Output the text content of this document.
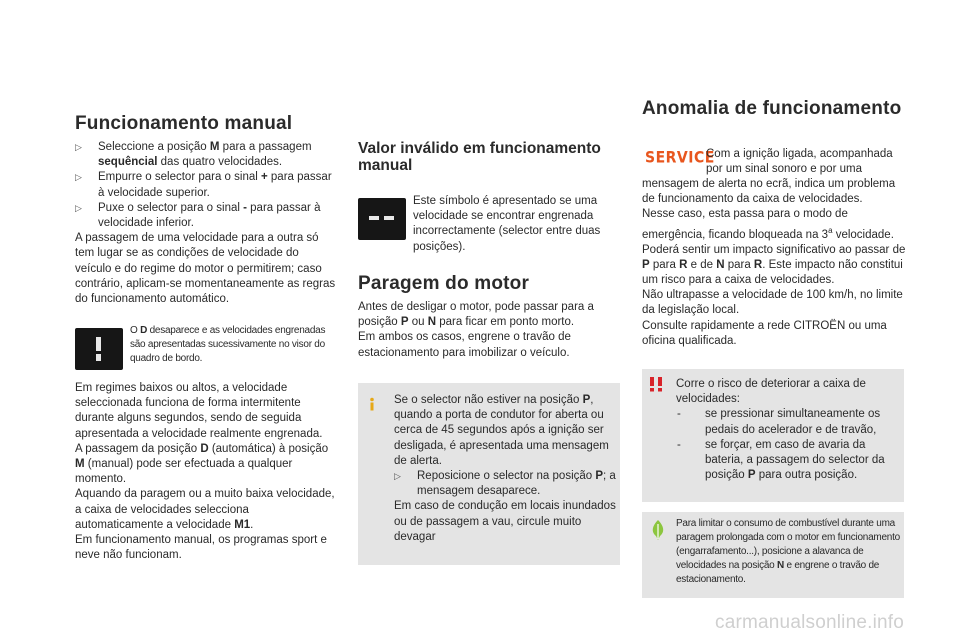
Funcionamento manual
▷ Seleccione a posição M para a passagem sequêncial das quatro velocidades.
▷ Empurre o selector para o sinal + para passar à velocidade superior.
▷ Puxe o selector para o sinal - para passar à velocidade inferior.
A passagem de uma velocidade para a outra só tem lugar se as condições de velocidade do veículo e do regime do motor o permitirem; caso contrário, aplicam-se momentaneamente as regras do funcionamento automático.
O D desaparece e as velocidades engrenadas são apresentadas sucessivamente no visor do quadro de bordo.
Em regimes baixos ou altos, a velocidade seleccionada funciona de forma intermitente durante alguns segundos, sendo de seguida apresentada a velocidade realmente engrenada.
A passagem da posição D (automática) à posição M (manual) pode ser efectuada a qualquer momento.
Aquando da paragem ou a muito baixa velocidade, a caixa de velocidades selecciona automaticamente a velocidade M1.
Em funcionamento manual, os programas sport e neve não funcionam.
Valor inválido em funcionamento manual
Este símbolo é apresentado se uma velocidade se encontrar engrenada incorrectamente (selector entre duas posições).
Paragem do motor
Antes de desligar o motor, pode passar para a posição P ou N para ficar em ponto morto.
Em ambos os casos, engrene o travão de estacionamento para imobilizar o veículo.
Se o selector não estiver na posição P, quando a porta de condutor for aberta ou cerca de 45 segundos após a ignição ser desligada, é apresentada uma mensagem de alerta.
▷ Reposicione o selector na posição P; a mensagem desaparece.
Em caso de condução em locais inundados ou de passagem a vau, circule muito devagar
Anomalia de funcionamento
SERVICE
Com a ignição ligada, acompanhada por um sinal sonoro e por uma
mensagem de alerta no ecrã, indica um problema de funcionamento da caixa de velocidades.
Nesse caso, esta passa para o modo de emergência, ficando bloqueada na 3$^a$ velocidade. Poderá sentir um impacto significativo ao passar de P para R e de N para R. Este impacto não constitui um risco para a caixa de velocidades.
Não ultrapasse a velocidade de 100 km/h, no limite da legislação local.
Consulte rapidamente a rede CITROËN ou uma oficina qualificada.
Corre o risco de deteriorar a caixa de velocidades:
- se pressionar simultaneamente os pedais do acelerador e de travão,
- se forçar, em caso de avaria da bateria, a passagem do selector da posição P para outra posição.
Para limitar o consumo de combustível durante uma paragem prolongada com o motor em funcionamento (engarrafamento...), posicione a alavanca de velocidades na posição N e engrene o travão de estacionamento.
carmanualsonline.info
